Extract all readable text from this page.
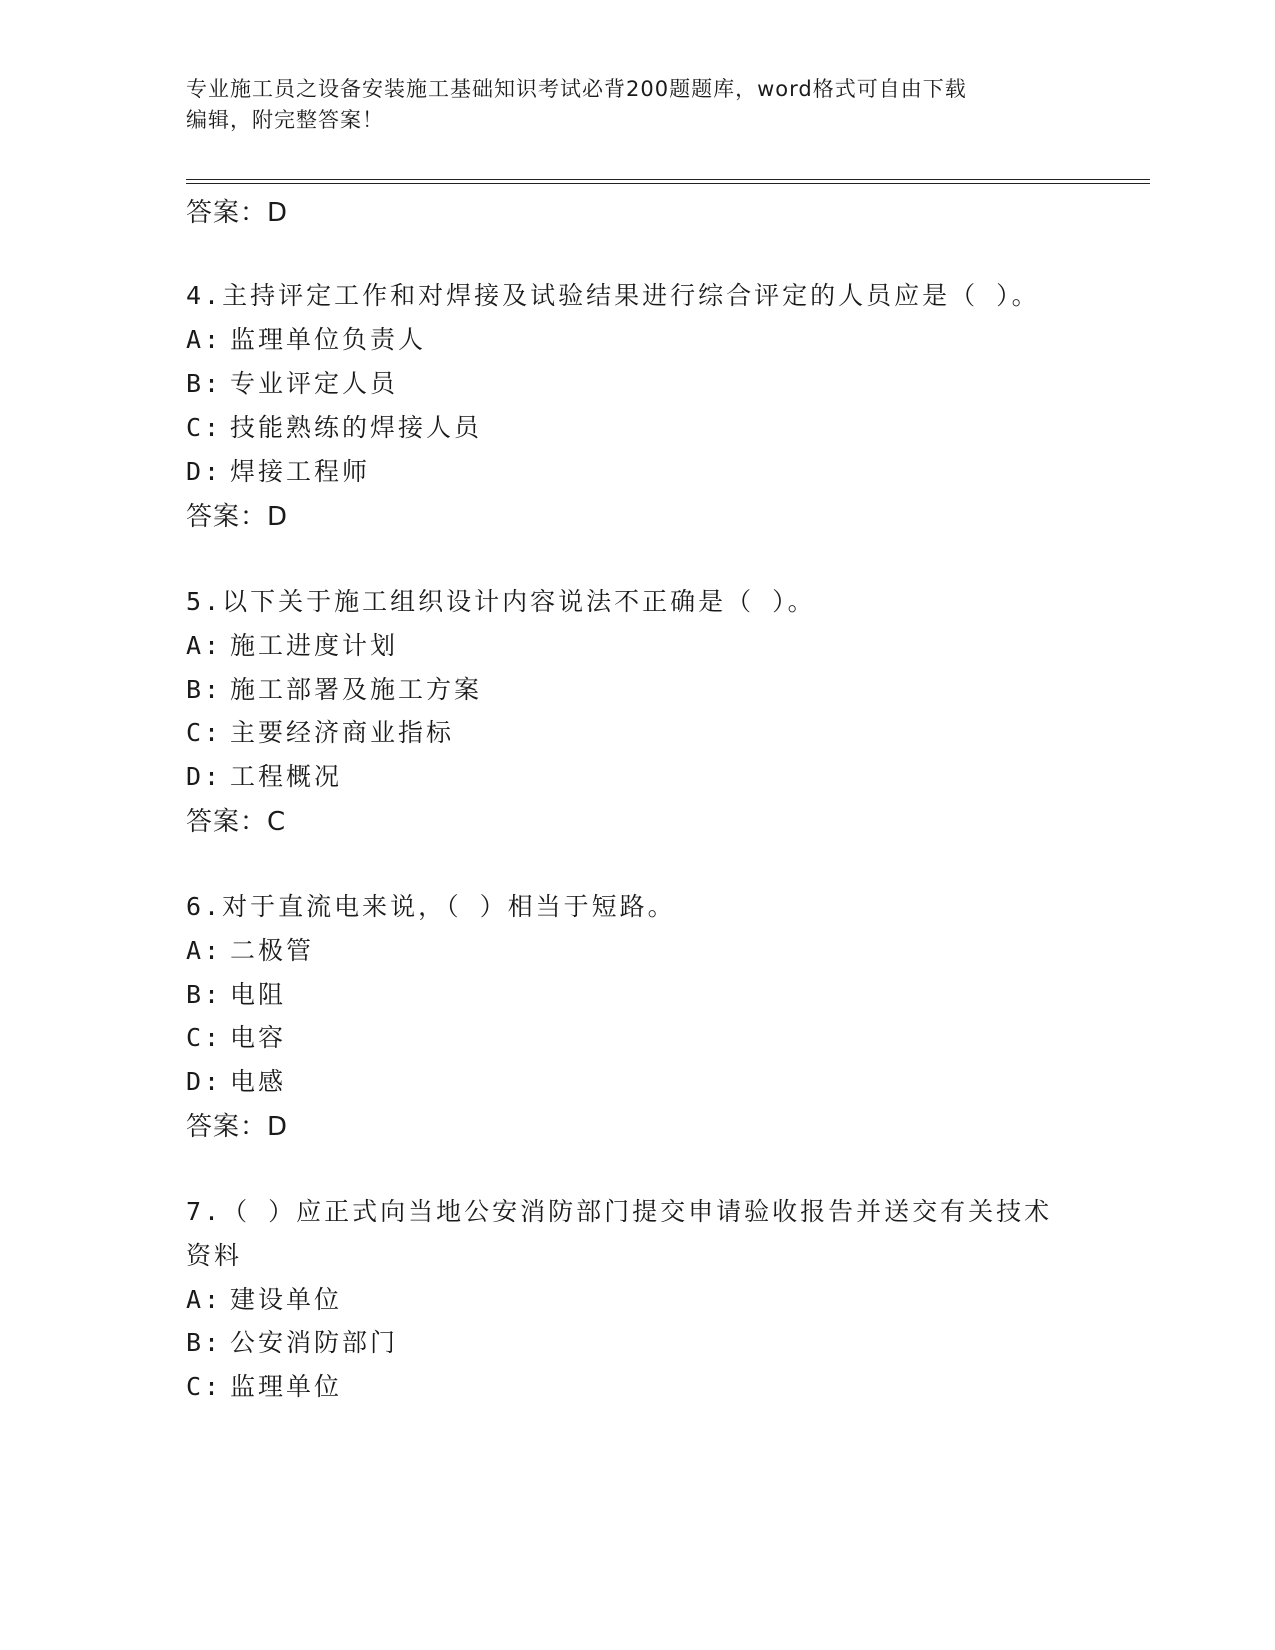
专业施工员之设备安装施工基础知识考试必背200题题库，word格式可自由下载
编辑，附完整答案！
答案：D
4.主持评定工作和对焊接及试验结果进行综合评定的人员应是（ ）。
A: 监理单位负责人
B: 专业评定人员
C: 技能熟练的焊接人员
D: 焊接工程师
答案：D
5.以下关于施工组织设计内容说法不正确是（ ）。
A: 施工进度计划
B: 施工部署及施工方案
C: 主要经济商业指标
D: 工程概况
答案：C
6.对于直流电来说，（ ）相当于短路。
A: 二极管
B: 电阻
C: 电容
D: 电感
答案：D
7.（ ）应正式向当地公安消防部门提交申请验收报告并送交有关技术
资料
A: 建设单位
B: 公安消防部门
C: 监理单位
